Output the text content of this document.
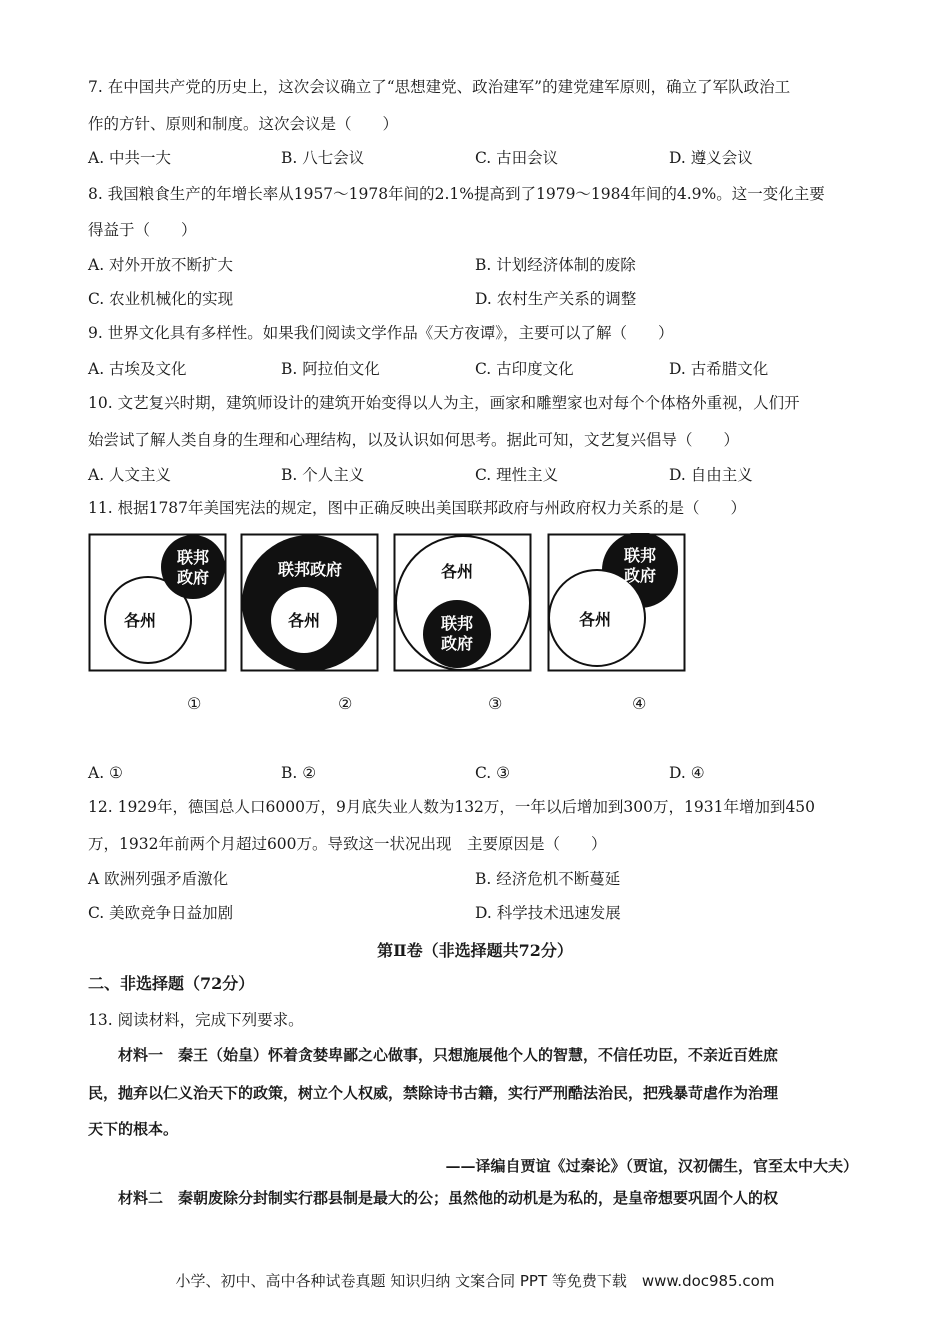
7. 在中国共产党的历史上，这次会议确立了“思想建党、政治建军”的建党建军原则，确立了军队政治工
作的方针、原则和制度。这次会议是（　　）
A. 中共一大	B. 八七会议	C. 古田会议	D. 遵义会议
8. 我国粮食生产的年增长率从1957～1978年间的2.1%提高到了1979～1984年间的4.9%。这一变化主要
得益于（　　）
A. 对外开放不断扩大	B. 计划经济体制的废除
C. 农业机械化的实现	D. 农村生产关系的调整
9. 世界文化具有多样性。如果我们阅读文学作品《天方夜谭》，主要可以了解（　　）
A. 古埃及文化	B. 阿拉伯文化	C. 古印度文化	D. 古希腊文化
10. 文艺复兴时期，建筑师设计的建筑开始变得以人为主，画家和雕塑家也对每个个体格外重视，人们开
始尝试了解人类自身的生理和心理结构，以及认识如何思考。据此可知，文艺复兴倡导（　　）
A. 人文主义	B. 个人主义	C. 理性主义	D. 自由主义
11. 根据1787年美国宪法的规定，图中正确反映出美国联邦政府与州政府权力关系的是（　　）
联邦
政府
各州
联邦政府
各州
各州
联邦
政府
联邦
政府
各州
①	②	③	④
A. ①	B. ②	C. ③	D. ④
12. 1929年，德国总人口6000万，9月底失业人数为132万，一年以后增加到300万，1931年增加到450
万，1932年前两个月超过600万。导致这一状况出现　主要原因是（　　）
A 欧洲列强矛盾激化	B. 经济危机不断蔓延
C. 美欧竞争日益加剧	D. 科学技术迅速发展
第Ⅱ卷（非选择题共72分）
二、非选择题（72分）
13. 阅读材料，完成下列要求。
材料一　秦王（始皇）怀着贪婪卑鄙之心做事，只想施展他个人的智慧，不信任功臣，不亲近百姓庶
民，抛弃以仁义治天下的政策，树立个人权威，禁除诗书古籍，实行严刑酷法治民，把残暴苛虐作为治理
天下的根本。
——译编自贾谊《过秦论》（贾谊，汉初儒生，官至太中大夫）
材料二　秦朝废除分封制实行郡县制是最大的公；虽然他的动机是为私的，是皇帝想要巩固个人的权
小学、初中、高中各种试卷真题 知识归纳 文案合同 PPT 等免费下载　www.doc985.com
